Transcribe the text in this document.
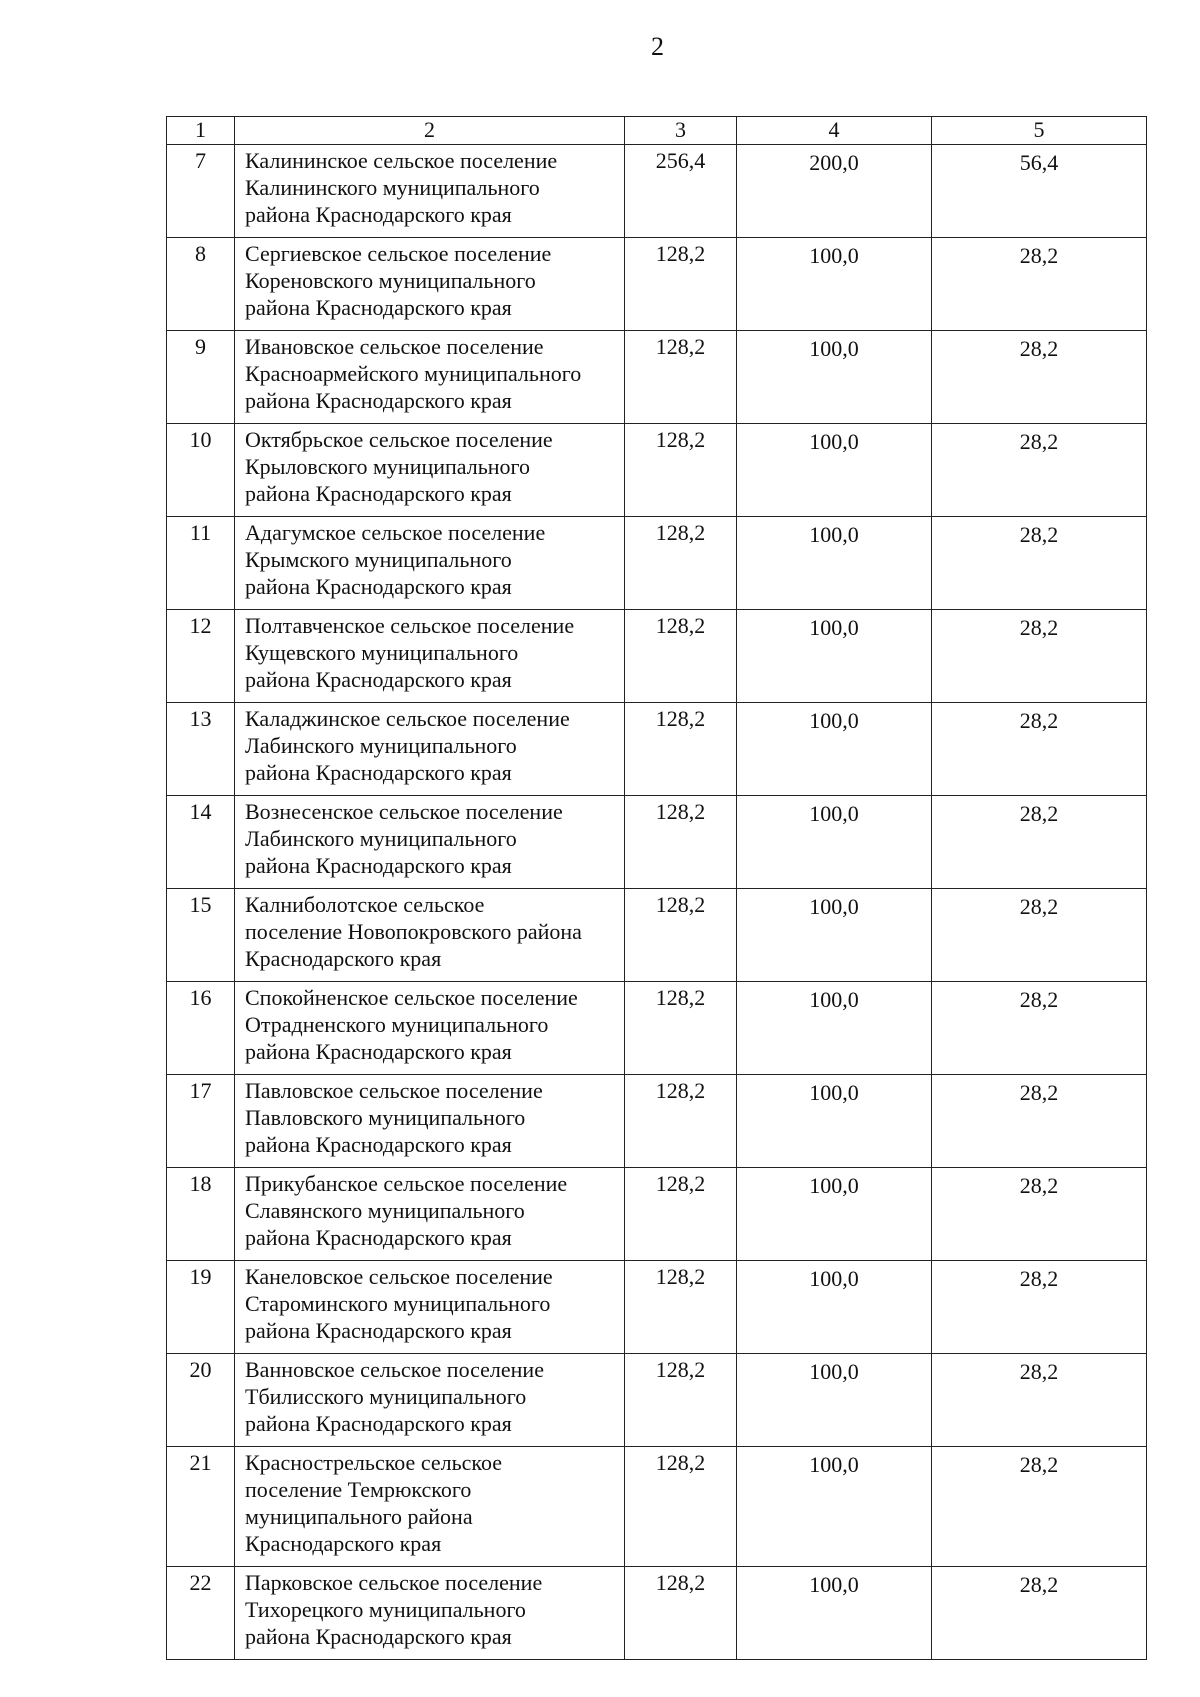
2
1	2	3	4	5
7	Калининское сельское поселение
Калининского муниципального
района Краснодарского края	256,4	200,0	56,4
8	Сергиевское сельское поселение
Кореновского муниципального
района Краснодарского края	128,2	100,0	28,2
9	Ивановское сельское поселение
Красноармейского муниципального
района Краснодарского края	128,2	100,0	28,2
10	Октябрьское сельское поселение
Крыловского муниципального
района Краснодарского края	128,2	100,0	28,2
11	Адагумское сельское поселение
Крымского муниципального
района Краснодарского края	128,2	100,0	28,2
12	Полтавченское сельское поселение
Кущевского муниципального
района Краснодарского края	128,2	100,0	28,2
13	Каладжинское сельское поселение
Лабинского муниципального
района Краснодарского края	128,2	100,0	28,2
14	Вознесенское сельское поселение
Лабинского муниципального
района Краснодарского края	128,2	100,0	28,2
15	Калниболотское сельское
поселение Новопокровского района
Краснодарского края	128,2	100,0	28,2
16	Спокойненское сельское поселение
Отрадненского муниципального
района Краснодарского края	128,2	100,0	28,2
17	Павловское сельское поселение
Павловского муниципального
района Краснодарского края	128,2	100,0	28,2
18	Прикубанское сельское поселение
Славянского муниципального
района Краснодарского края	128,2	100,0	28,2
19	Канеловское сельское поселение
Староминского муниципального
района Краснодарского края	128,2	100,0	28,2
20	Ванновское сельское поселение
Тбилисского муниципального
района Краснодарского края	128,2	100,0	28,2
21	Краснострельское сельское
поселение Темрюкского
муниципального района
Краснодарского края	128,2	100,0	28,2
22	Парковское сельское поселение
Тихорецкого муниципального
района Краснодарского края	128,2	100,0	28,2
